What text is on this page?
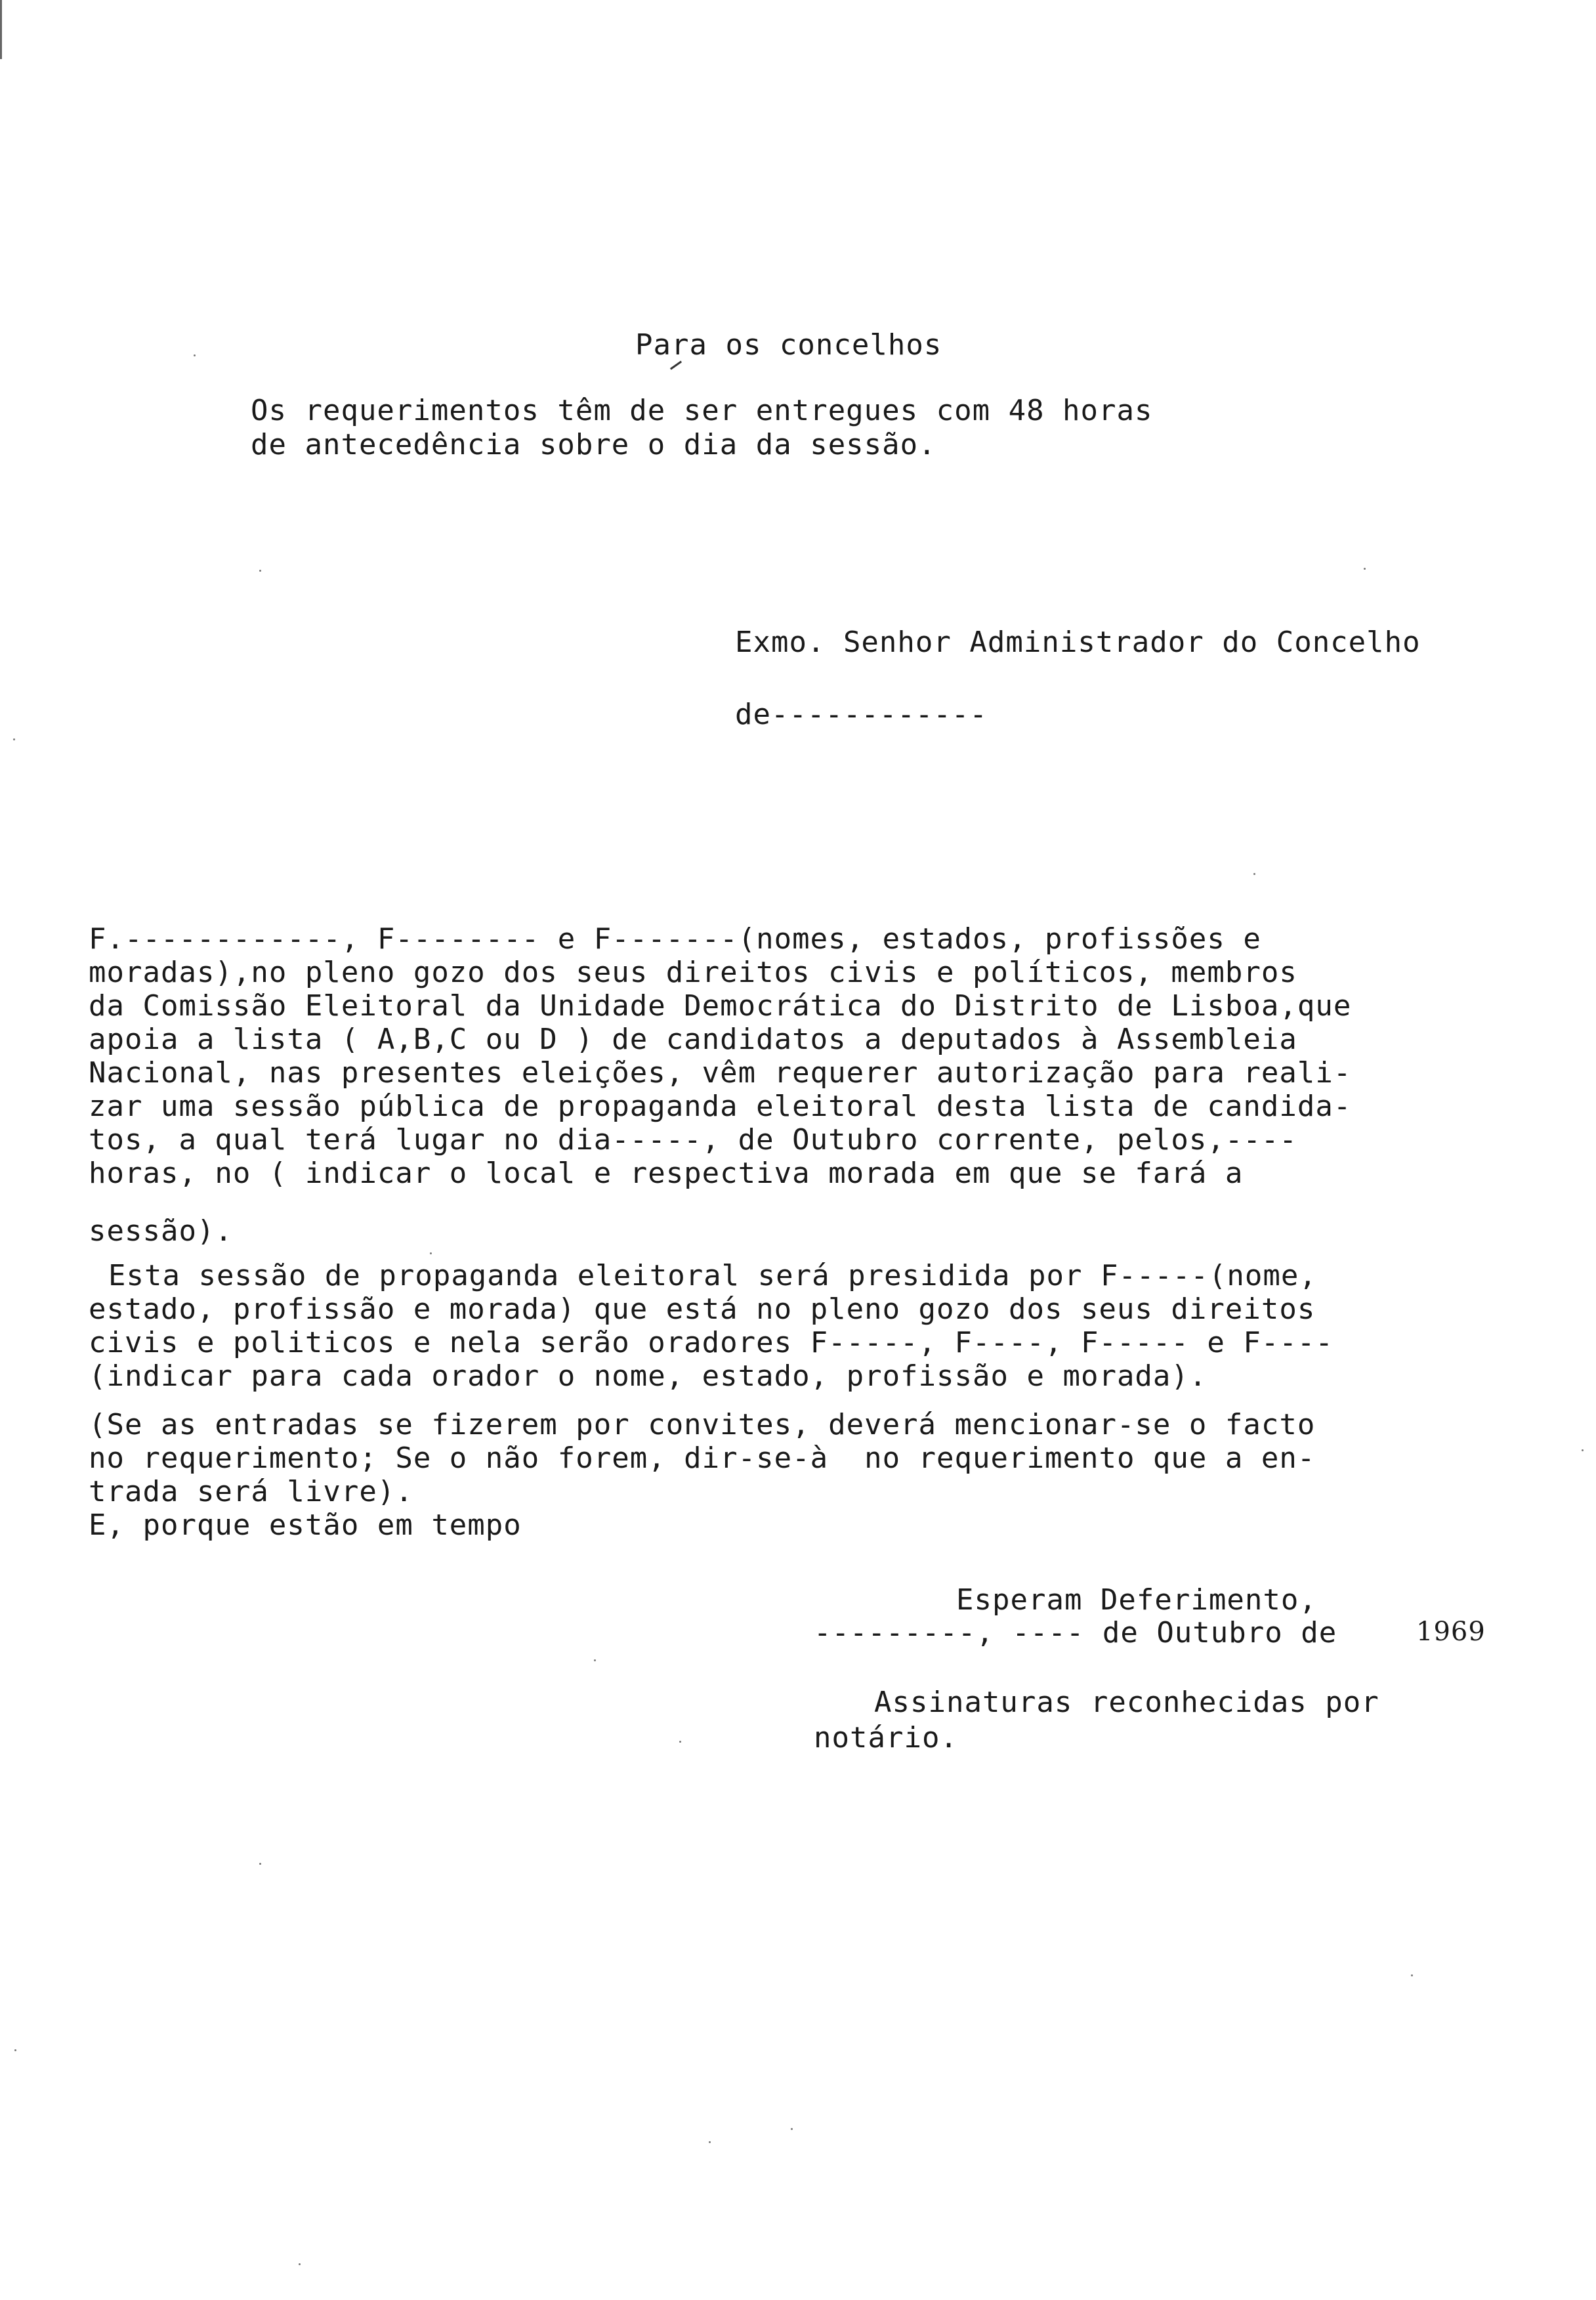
Para os concelhos
Os requerimentos têm de ser entregues com 48 horas
de antecedência sobre o dia da sessão.
Exmo. Senhor Administrador do Concelho
de------------
F.------------, F-------- e F-------(nomes, estados, profissões e
moradas),no pleno gozo dos seus direitos civis e políticos, membros
da Comissão Eleitoral da Unidade Democrática do Distrito de Lisboa,que
apoia a lista ( A,B,C ou D ) de candidatos a deputados à Assembleia
Nacional, nas presentes eleições, vêm requerer autorização para reali-
zar uma sessão pública de propaganda eleitoral desta lista de candida-
tos, a qual terá lugar no dia-----, de Outubro corrente, pelos,----
horas, no ( indicar o local e respectiva morada em que se fará a
sessão).
Esta sessão de propaganda eleitoral será presidida por F-----(nome,
estado, profissão e morada) que está no pleno gozo dos seus direitos
civis e politicos e nela serão oradores F-----, F----, F----- e F----
(indicar para cada orador o nome, estado, profissão e morada).
(Se as entradas se fizerem por convites, deverá mencionar-se o facto
no requerimento; Se o não forem, dir-se-à  no requerimento que a en-
trada será livre).
E, porque estão em tempo
Esperam Deferimento,
---------, ---- de Outubro de 1969
Assinaturas reconhecidas por
notário.
